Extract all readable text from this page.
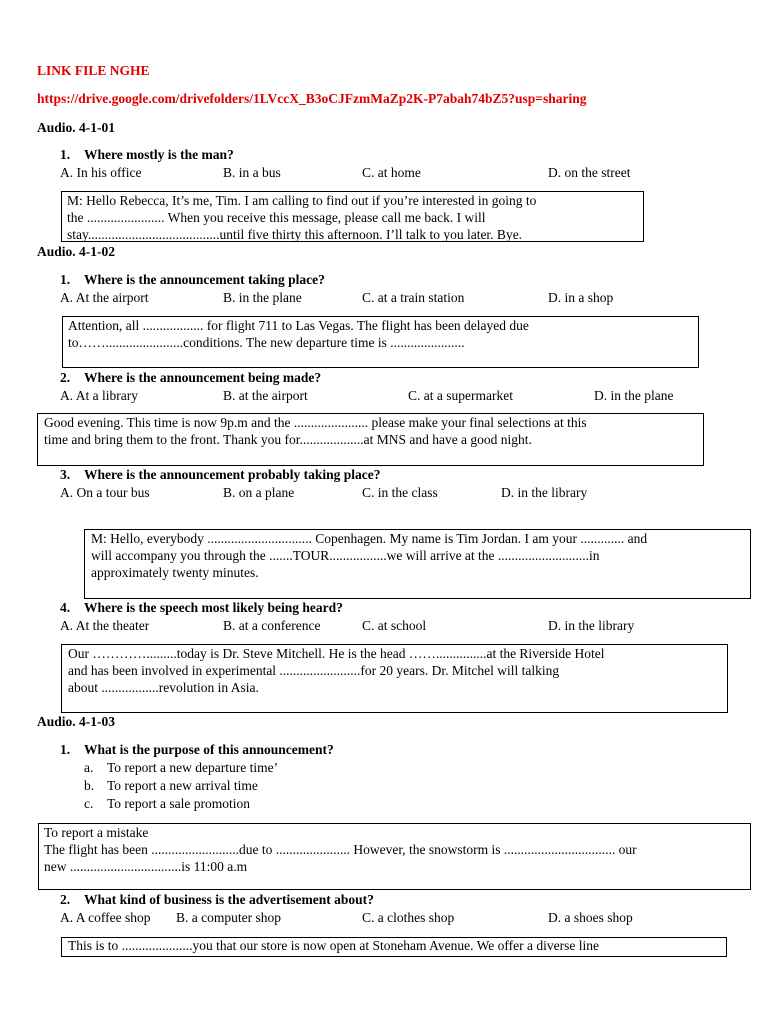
LINK FILE NGHE
https://drive.google.com/drivefolders/1LVccX_B3oCJFzmMaZp2K-P7abah74bZ5?usp=sharing
Audio. 4-1-01
1. Where mostly is the man?
A. In his office	B. in a bus	C. at home	D. on the street
M: Hello Rebecca, It’s me, Tim. I am calling to find out if you’re interested in going to
the ....................... When you receive this message, please call me back. I will
stay.......................................until five thirty this afternoon. I’ll talk to you later. Bye.
Audio. 4-1-02
1. Where is the announcement taking place?
A. At the airport	B. in the plane	C. at a train station	D. in a shop
Attention, all .................. for flight 711 to Las Vegas. The flight has been delayed due
to…….......................conditions. The new departure time is ......................
2. Where is the announcement being made?
A. At a library	B. at the airport	C. at a supermarket	D. in the plane
Good evening. This time is now 9p.m and the ...................... please make your final selections at this
time and bring them to the front. Thank you for...................at MNS and have a good night.
3. Where is the announcement probably taking place?
A. On a tour bus	B. on a plane	C. in the class	D. in the library
M: Hello, everybody ............................... Copenhagen. My name is Tim Jordan. I am your ............. and
will accompany you through the .......TOUR.................we will arrive at the ...........................in
approximately twenty minutes.
4. Where is the speech most likely being heard?
A. At the theater	B. at a conference	C. at school	D. in the library
Our ………….........today is Dr. Steve Mitchell. He is the head ……...............at the Riverside Hotel
and has been involved in experimental ........................for 20 years. Dr. Mitchel will talking
about .................revolution in Asia.
Audio. 4-1-03
1. What is the purpose of this announcement?
a. To report a new departure time’
b. To report a new arrival time
c. To report a sale promotion
To report a mistake
The flight has been ..........................due to ...................... However, the snowstorm is ................................. our
new .................................is 11:00 a.m
2. What kind of business is the advertisement about?
A. A coffee shop B. a computer shop	C. a clothes shop	D. a shoes shop
This is to .....................you that our store is now open at Stoneham Avenue. We offer a diverse line
